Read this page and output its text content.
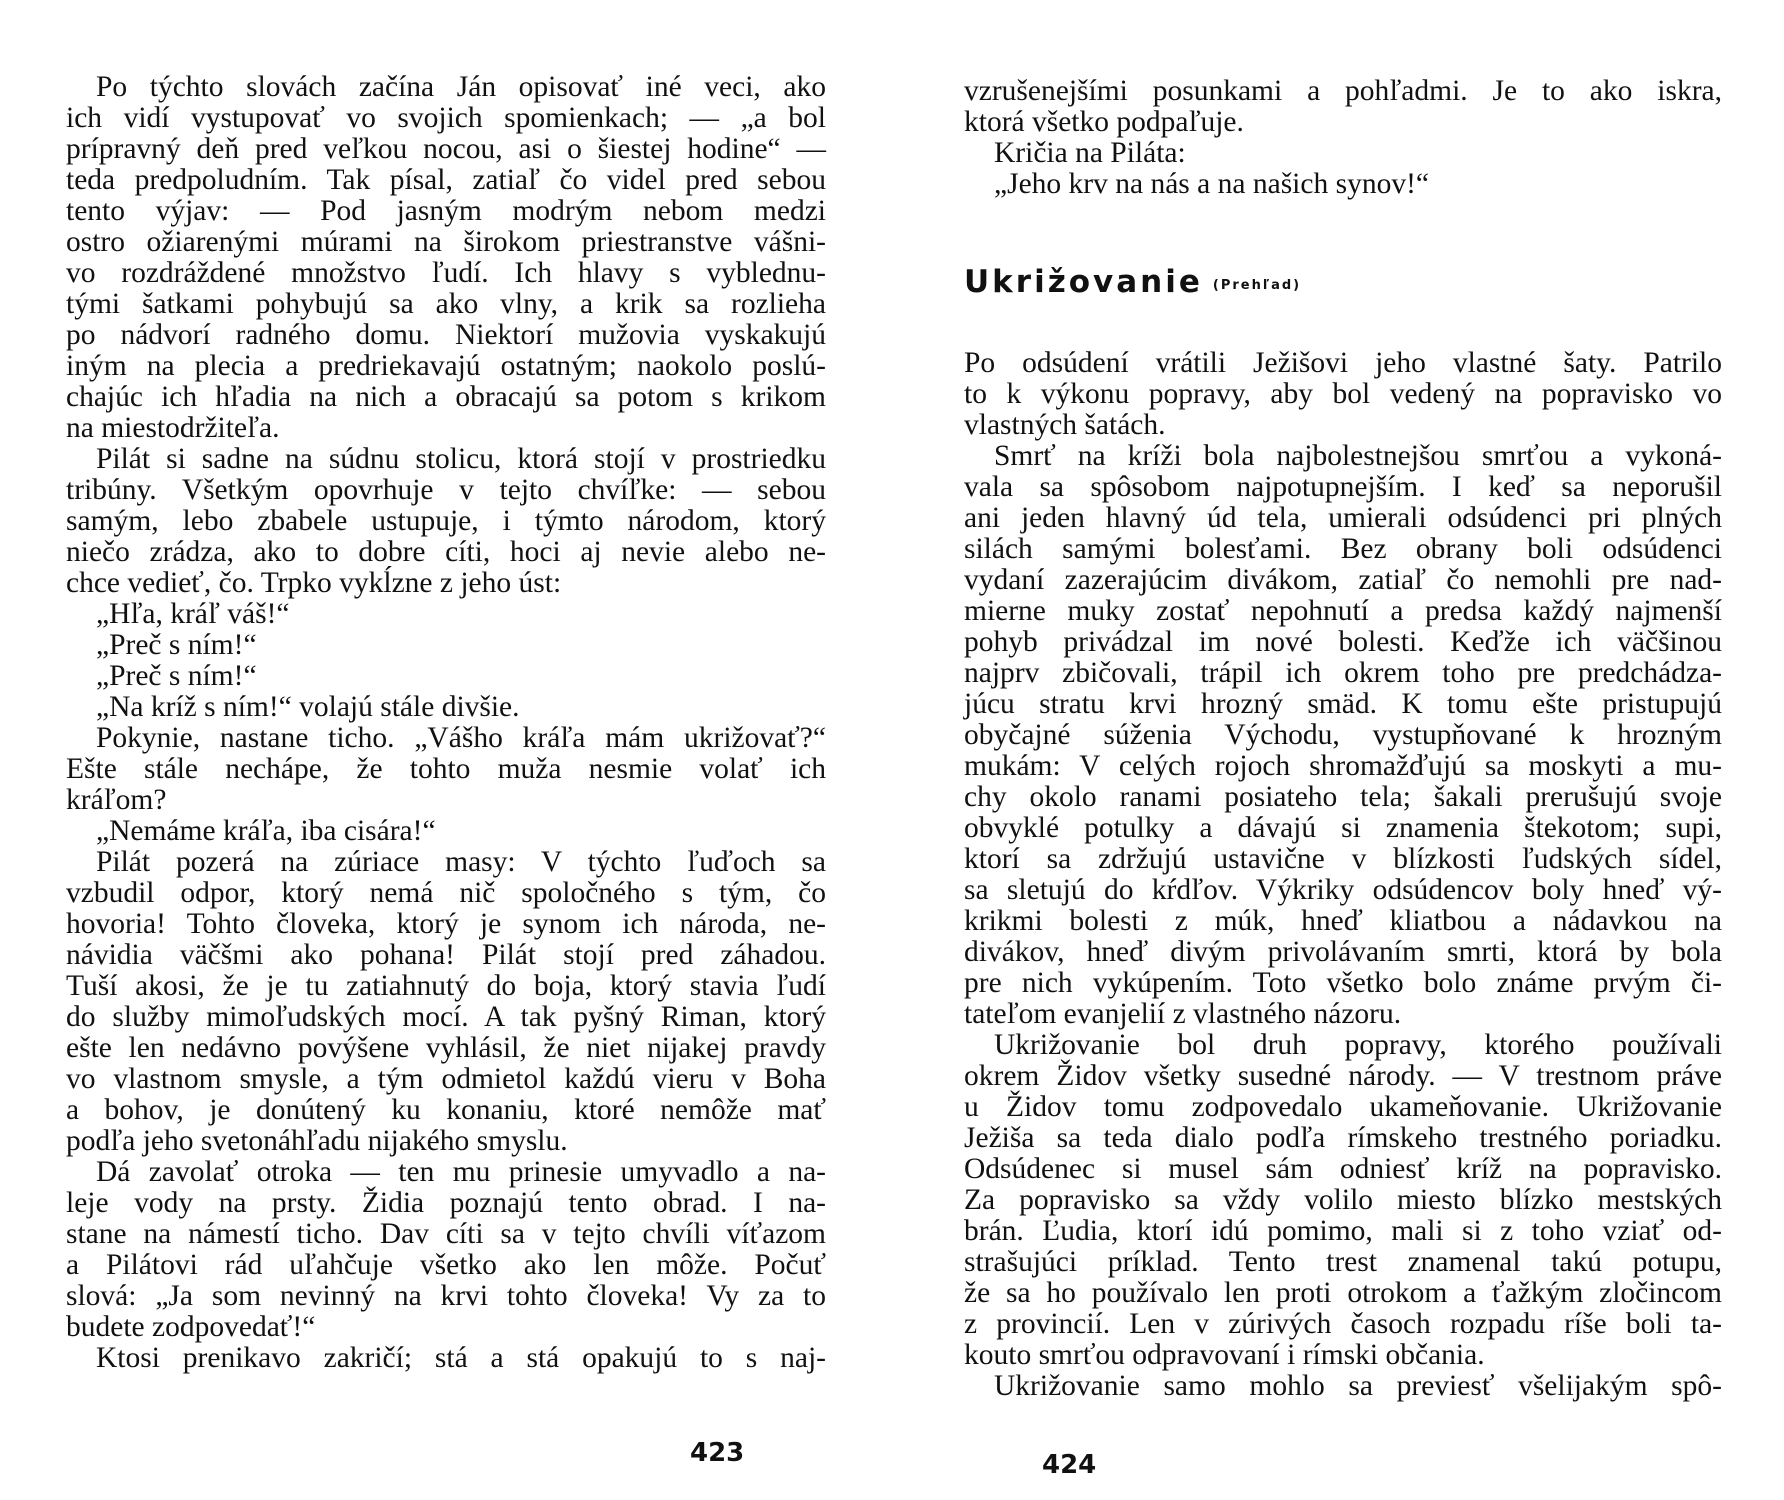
Po týchto slovách začína Ján opisovať iné veci, ako
ich vidí vystupovať vo svojich spomienkach; — „a bol
prípravný deň pred veľkou nocou, asi o šiestej hodine“ —
teda predpoludním. Tak písal, zatiaľ čo videl pred sebou
tento výjav: — Pod jasným modrým nebom medzi
ostro ožiarenými múrami na širokom priestranstve vášni-
vo rozdráždené množstvo ľudí. Ich hlavy s vyblednu-
tými šatkami pohybujú sa ako vlny, a krik sa rozlieha
po nádvorí radného domu. Niektorí mužovia vyskakujú
iným na plecia a predriekavajú ostatným; naokolo poslú-
chajúc ich hľadia na nich a obracajú sa potom s krikom
na miestodržiteľa.
Pilát si sadne na súdnu stolicu, ktorá stojí v prostriedku
tribúny. Všetkým opovrhuje v tejto chvíľke: — sebou
samým, lebo zbabele ustupuje, i týmto národom, ktorý
niečo zrádza, ako to dobre cíti, hoci aj nevie alebo ne-
chce vedieť, čo. Trpko vykĺzne z jeho úst:
„Hľa, kráľ váš!“
„Preč s ním!“
„Preč s ním!“
„Na kríž s ním!“ volajú stále divšie.
Pokynie, nastane ticho. „Vášho kráľa mám ukrižovať?“
Ešte stále nechápe, že tohto muža nesmie volať ich
kráľom?
„Nemáme kráľa, iba cisára!“
Pilát pozerá na zúriace masy: V týchto ľuďoch sa
vzbudil odpor, ktorý nemá nič spoločného s tým, čo
hovoria! Tohto človeka, ktorý je synom ich národa, ne-
návidia väčšmi ako pohana! Pilát stojí pred záhadou.
Tuší akosi, že je tu zatiahnutý do boja, ktorý stavia ľudí
do služby mimoľudských mocí. A tak pyšný Riman, ktorý
ešte len nedávno povýšene vyhlásil, že niet nijakej pravdy
vo vlastnom smysle, a tým odmietol každú vieru v Boha
a bohov, je donútený ku konaniu, ktoré nemôže mať
podľa jeho svetonáhľadu nijakého smyslu.
Dá zavolať otroka — ten mu prinesie umyvadlo a na-
leje vody na prsty. Židia poznajú tento obrad. I na-
stane na námestí ticho. Dav cíti sa v tejto chvíli víťazom
a Pilátovi rád uľahčuje všetko ako len môže. Počuť
slová: „Ja som nevinný na krvi tohto človeka! Vy za to
budete zodpovedať!“
Ktosi prenikavo zakričí; stá a stá opakujú to s naj-
423
vzrušenejšími posunkami a pohľadmi. Je to ako iskra,
ktorá všetko podpaľuje.
Kričia na Piláta:
„Jeho krv na nás a na našich synov!“
Ukrižovanie $^{(Prehľad)}$
Po odsúdení vrátili Ježišovi jeho vlastné šaty. Patrilo
to k výkonu popravy, aby bol vedený na popravisko vo
vlastných šatách.
Smrť na kríži bola najbolestnejšou smrťou a vykoná-
vala sa spôsobom najpotupnejším. I keď sa neporušil
ani jeden hlavný úd tela, umierali odsúdenci pri plných
silách samými bolesťami. Bez obrany boli odsúdenci
vydaní zazerajúcim divákom, zatiaľ čo nemohli pre nad-
mierne muky zostať nepohnutí a predsa každý najmenší
pohyb privádzal im nové bolesti. Keďže ich väčšinou
najprv zbičovali, trápil ich okrem toho pre predchádza-
júcu stratu krvi hrozný smäd. K tomu ešte pristupujú
obyčajné súženia Východu, vystupňované k hrozným
mukám: V celých rojoch shromažďujú sa moskyti a mu-
chy okolo ranami posiateho tela; šakali prerušujú svoje
obvyklé potulky a dávajú si znamenia štekotom; supi,
ktorí sa zdržujú ustavične v blízkosti ľudských sídel,
sa sletujú do kŕdľov. Výkriky odsúdencov boly hneď vý-
krikmi bolesti z múk, hneď kliatbou a nádavkou na
divákov, hneď divým privolávaním smrti, ktorá by bola
pre nich vykúpením. Toto všetko bolo známe prvým či-
tateľom evanjelií z vlastného názoru.
Ukrižovanie bol druh popravy, ktorého používali
okrem Židov všetky susedné národy. — V trestnom práve
u Židov tomu zodpovedalo ukameňovanie. Ukrižovanie
Ježiša sa teda dialo podľa rímskeho trestného poriadku.
Odsúdenec si musel sám odniesť kríž na popravisko.
Za popravisko sa vždy volilo miesto blízko mestských
brán. Ľudia, ktorí idú pomimo, mali si z toho vziať od-
strašujúci príklad. Tento trest znamenal takú potupu,
že sa ho používalo len proti otrokom a ťažkým zločincom
z provincií. Len v zúrivých časoch rozpadu ríše boli ta-
kouto smrťou odpravovaní i rímski občania.
Ukrižovanie samo mohlo sa previesť všelijakým spô-
424
